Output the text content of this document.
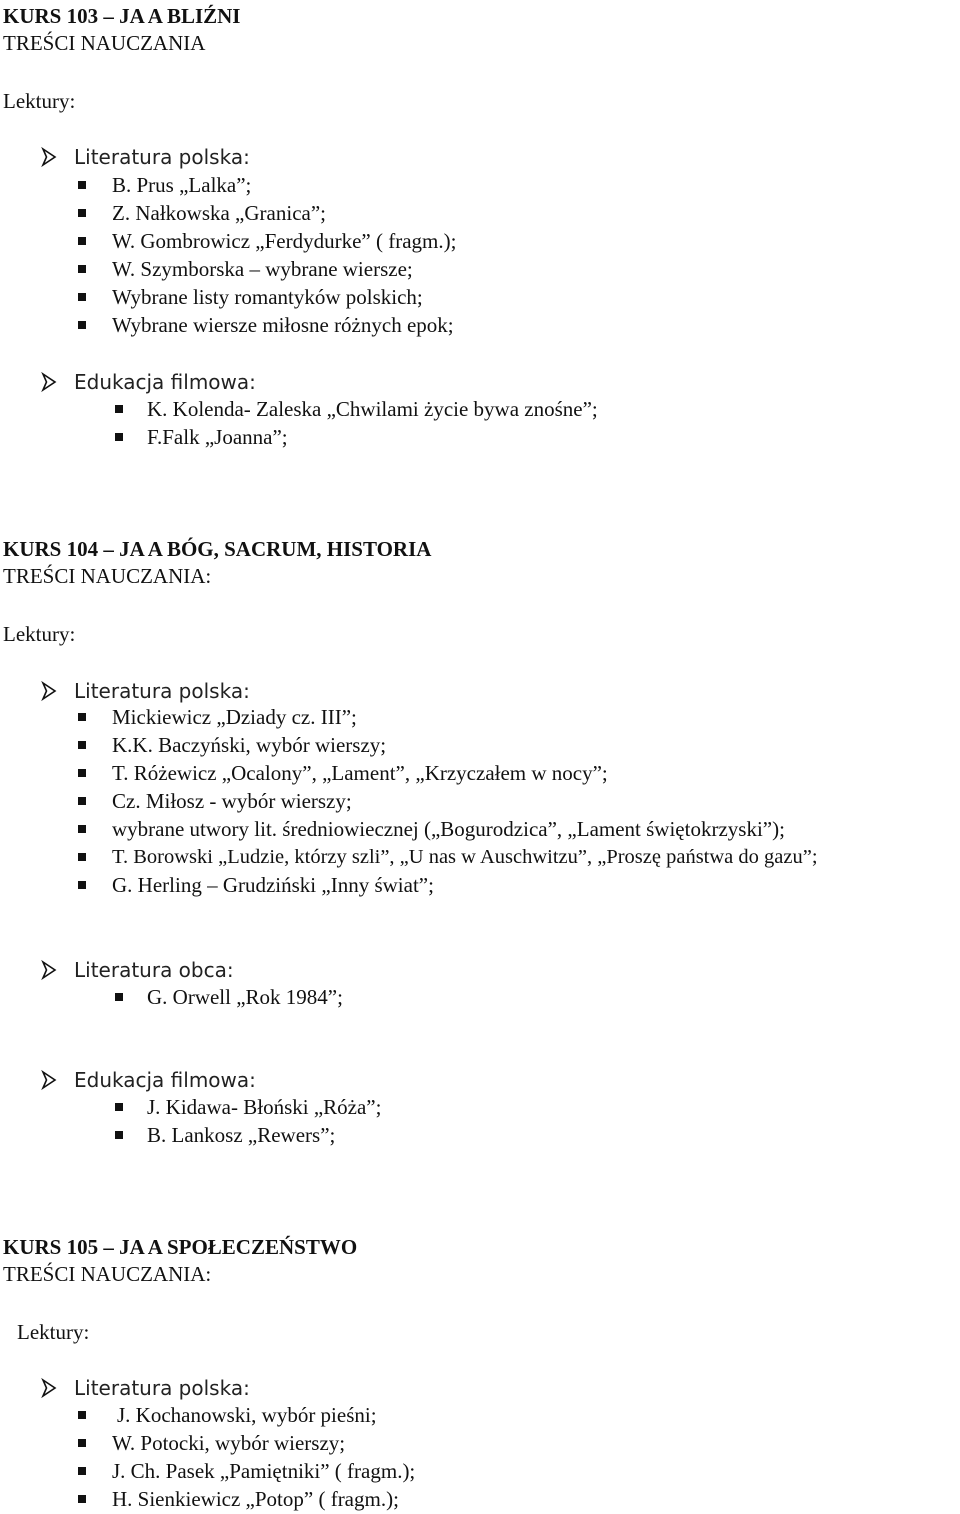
KURS 103 – JA A BLIŹNI
TREŚCI NAUCZANIA
Lektury:
Literatura polska:
B. Prus „Lalka”;
Z. Nałkowska „Granica”;
W. Gombrowicz „Ferdydurke” ( fragm.);
W. Szymborska – wybrane wiersze;
Wybrane listy romantyków polskich;
Wybrane wiersze miłosne różnych epok;
Edukacja filmowa:
K. Kolenda- Zaleska „Chwilami życie bywa znośne”;
F.Falk „Joanna”;
KURS 104 – JA A BÓG, SACRUM, HISTORIA
TREŚCI NAUCZANIA:
Lektury:
Literatura polska:
Mickiewicz „Dziady cz. III”;
K.K. Baczyński, wybór wierszy;
T. Różewicz „Ocalony”, „Lament”, „Krzyczałem w nocy”;
Cz. Miłosz - wybór wierszy;
wybrane utwory lit. średniowiecznej („Bogurodzica”, „Lament świętokrzyski”);
T. Borowski „Ludzie, którzy szli”, „U nas w Auschwitzu”, „Proszę państwa do gazu”;
G. Herling – Grudziński „Inny świat”;
Literatura obca:
G. Orwell „Rok 1984”;
Edukacja filmowa:
J. Kidawa- Błoński „Róża”;
B. Lankosz „Rewers”;
KURS 105 – JA A SPOŁECZEŃSTWO
TREŚCI NAUCZANIA:
Lektury:
Literatura polska:
J. Kochanowski, wybór pieśni;
W. Potocki, wybór wierszy;
J. Ch. Pasek „Pamiętniki” ( fragm.);
H. Sienkiewicz „Potop” ( fragm.);
